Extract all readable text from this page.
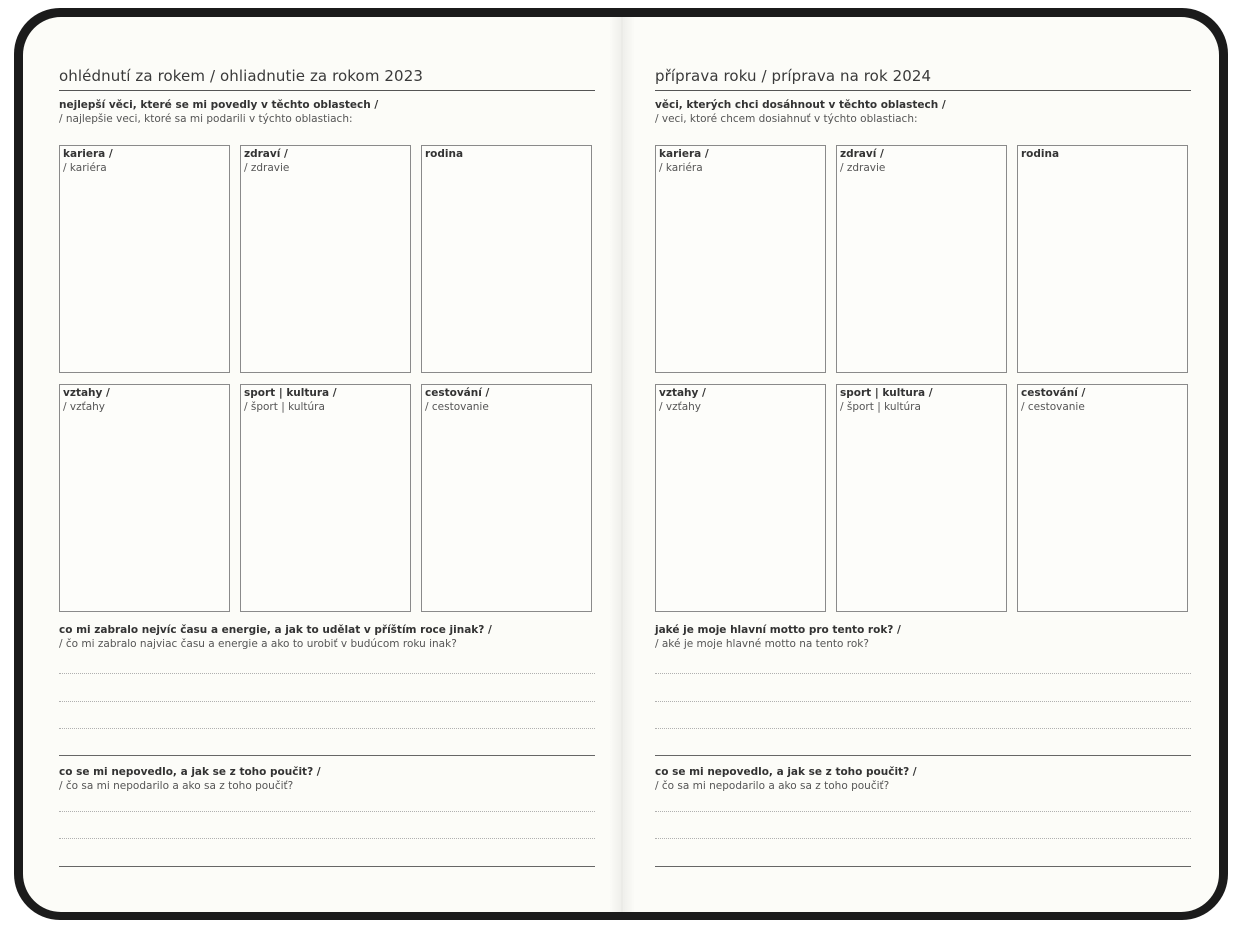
ohlédnutí za rokem / ohliadnutie za rokom 2023
nejlepší věci, které se mi povedly v těchto oblastech /
/ najlepšie veci, ktoré sa mi podarili v týchto oblastiach:
kariera /
/ kariéra
zdraví /
/ zdravie
rodina
vztahy /
/ vzťahy
sport | kultura /
/ šport | kultúra
cestování /
/ cestovanie
co mi zabralo nejvíc času a energie, a jak to udělat v příštím roce jinak? /
/ čo mi zabralo najviac času a energie a ako to urobiť v budúcom roku inak?
co se mi nepovedlo, a jak se z toho poučit? /
/ čo sa mi nepodarilo a ako sa z toho poučiť?
příprava roku / príprava na rok 2024
věci, kterých chci dosáhnout v těchto oblastech /
/ veci, ktoré chcem dosiahnuť v týchto oblastiach:
kariera /
/ kariéra
zdraví /
/ zdravie
rodina
vztahy /
/ vzťahy
sport | kultura /
/ šport | kultúra
cestování /
/ cestovanie
jaké je moje hlavní motto pro tento rok? /
/ aké je moje hlavné motto na tento rok?
co se mi nepovedlo, a jak se z toho poučit? /
/ čo sa mi nepodarilo a ako sa z toho poučiť?
